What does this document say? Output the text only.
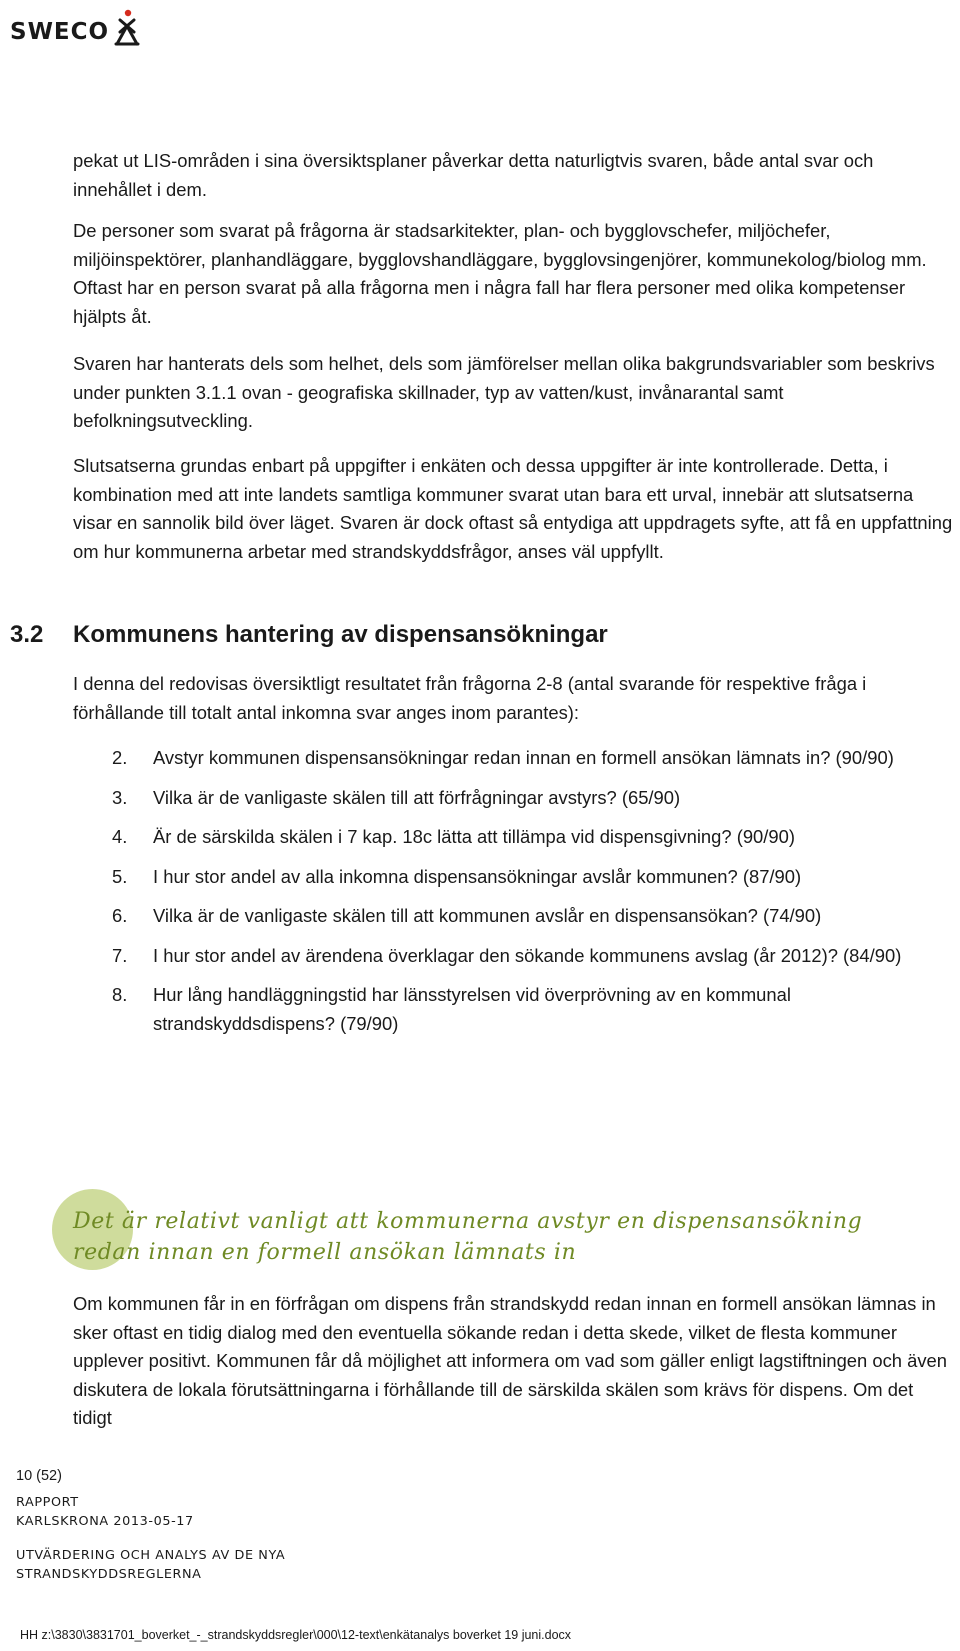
SWECO

pekat ut LIS-områden i sina översiktsplaner påverkar detta naturligtvis svaren, både antal svar och innehållet i dem.

De personer som svarat på frågorna är stadsarkitekter, plan- och bygglovschefer, miljöchefer, miljöinspektörer, planhandläggare, bygglovshandläggare, bygglovsingenjörer, kommunekolog/biolog mm. Oftast har en person svarat på alla frågorna men i några fall har flera personer med olika kompetenser hjälpts åt.

Svaren har hanterats dels som helhet, dels som jämförelser mellan olika bakgrundsvariabler som beskrivs under punkten 3.1.1 ovan - geografiska skillnader, typ av vatten/kust, invånarantal samt befolkningsutveckling.

Slutsatserna grundas enbart på uppgifter i enkäten och dessa uppgifter är inte kontrollerade. Detta, i kombination med att inte landets samtliga kommuner svarat utan bara ett urval, innebär att slutsatserna visar en sannolik bild över läget. Svaren är dock oftast så entydiga att uppdragets syfte, att få en uppfattning om hur kommunerna arbetar med strandskyddsfrågor, anses väl uppfyllt.

3.2	Kommunens hantering av dispensansökningar

I denna del redovisas översiktligt resultatet från frågorna 2-8 (antal svarande för respektive fråga i förhållande till totalt antal inkomna svar anges inom parantes):

2.	Avstyr kommunen dispensansökningar redan innan en formell ansökan lämnats in? (90/90)
3.	Vilka är de vanligaste skälen till att förfrågningar avstyrs? (65/90)
4.	Är de särskilda skälen i 7 kap. 18c lätta att tillämpa vid dispensgivning? (90/90)
5.	I hur stor andel av alla inkomna dispensansökningar avslår kommunen? (87/90)
6.	Vilka är de vanligaste skälen till att kommunen avslår en dispensansökan? (74/90)
7.	I hur stor andel av ärendena överklagar den sökande kommunens avslag (år 2012)? (84/90)
8.	Hur lång handläggningstid har länsstyrelsen vid överprövning av en kommunal strandskyddsdispens? (79/90)
Det är relativt vanligt att kommunerna avstyr en dispensansökning
redan innan en formell ansökan lämnats in

Om kommunen får in en förfrågan om dispens från strandskydd redan innan en formell ansökan lämnas in sker oftast en tidig dialog med den eventuella sökande redan i detta skede, vilket de flesta kommuner upplever positivt. Kommunen får då möjlighet att informera om vad som gäller enligt lagstiftningen och även diskutera de lokala förutsättningarna i förhållande till de särskilda skälen som krävs för dispens. Om det tidigt

10 (52)
RAPPORT
KARLSKRONA 2013-05-17
UTVÄRDERING OCH ANALYS AV DE NYA
STRANDSKYDDSREGLERNA
HH z:\3830\3831701_boverket_-_strandskyddsregler\000\12-text\enkätanalys boverket 19 juni.docx
